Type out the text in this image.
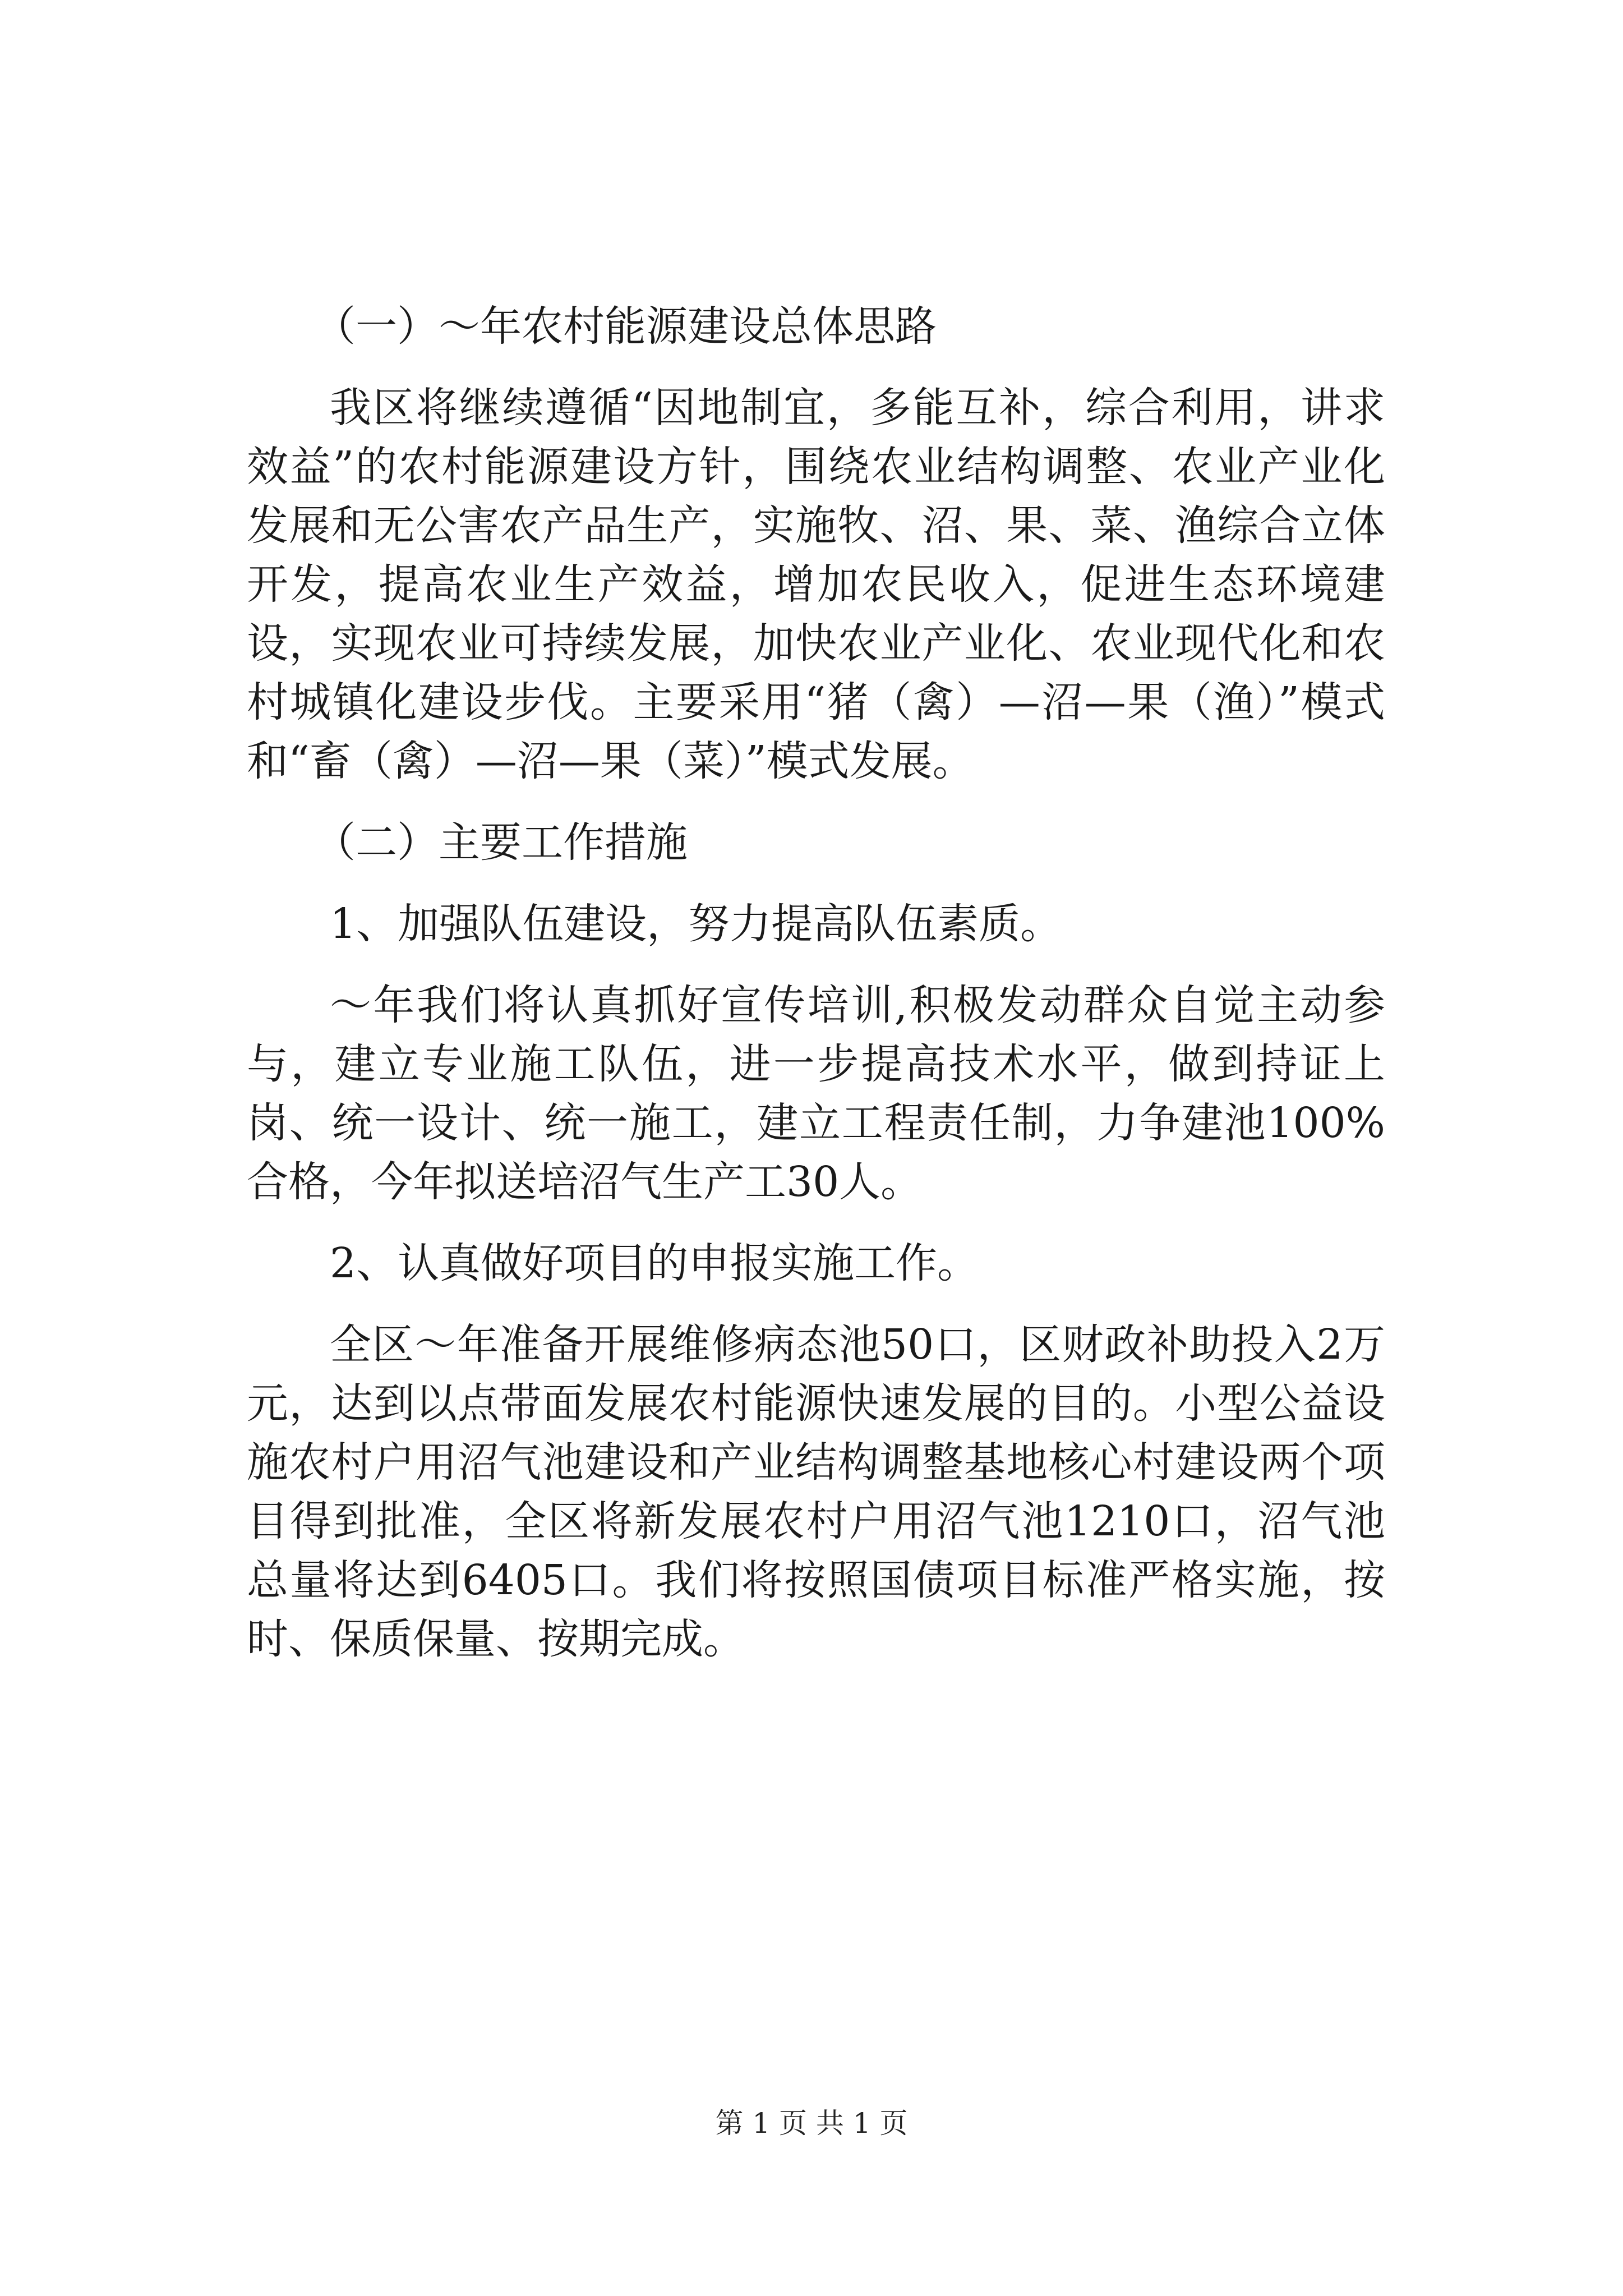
（一）～年农村能源建设总体思路

我区将继续遵循“因地制宜，多能互补，综合利用，讲求效益”的农村能源建设方针，围绕农业结构调整、农业产业化发展和无公害农产品生产，实施牧、沼、果、菜、渔综合立体开发，提高农业生产效益，增加农民收入，促进生态环境建设，实现农业可持续发展，加快农业产业化、农业现代化和农村城镇化建设步伐。主要采用“猪（禽）—沼—果（渔）”模式和“畜（禽）—沼—果（菜）”模式发展。

（二）主要工作措施

1、加强队伍建设，努力提高队伍素质。

～年我们将认真抓好宣传培训,积极发动群众自觉主动参与，建立专业施工队伍，进一步提高技术水平，做到持证上岗、统一设计、统一施工，建立工程责任制，力争建池100%合格，今年拟送培沼气生产工30人。

2、认真做好项目的申报实施工作。

全区～年准备开展维修病态池50口，区财政补助投入2万元，达到以点带面发展农村能源快速发展的目的。小型公益设施农村户用沼气池建设和产业结构调整基地核心村建设两个项目得到批准，全区将新发展农村户用沼气池1210口，沼气池总量将达到6405口。我们将按照国债项目标准严格实施，按时、保质保量、按期完成。

第 1 页 共 1 页
